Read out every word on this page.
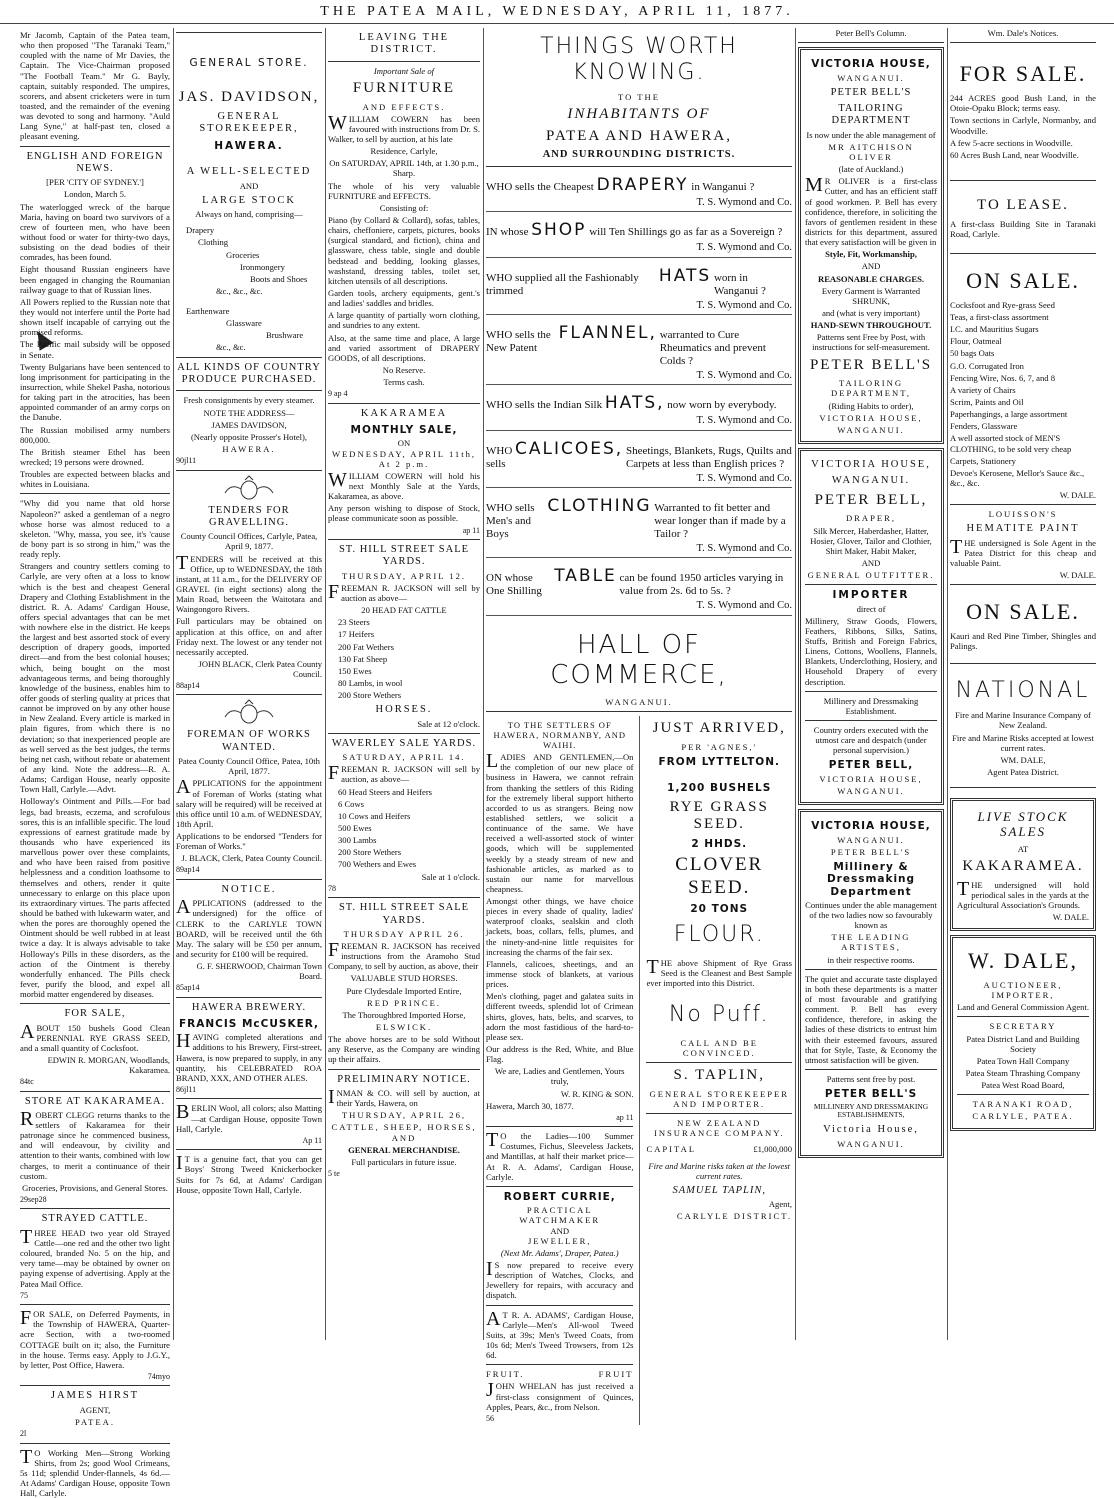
THE PATEA MAIL, WEDNESDAY, APRIL 11, 1877.

Mr Jacomb, Captain of the Patea team, who then proposed "The Taranaki Team," coupled with the name of Mr Davies, the Captain. The Vice-Chairman proposed "The Football Team." Mr G. Bayly, captain, suitably responded. The umpires, scorers, and absent cricketers were in turn toasted, and the remainder of the evening was devoted to song and harmony. "Auld Lang Syne," at half-past ten, closed a pleasant evening.

ENGLISH AND FOREIGN NEWS.

[PER 'CITY OF SYDNEY.']

London, March 5.

The waterlogged wreck of the barque Maria, having on board two survivors of a crew of fourteen men, who have been without food or water for thirty-two days, subsisting on the dead bodies of their comrades, has been found.

Eight thousand Russian engineers have been engaged in changing the Roumanian railway guage to that of Russian lines.

All Powers replied to the Russian note that they would not interfere until the Porte had shown itself incapable of carrying out the promised reforms.

The Pacific mail subsidy will be opposed in Senate.

Twenty Bulgarians have been sentenced to long imprisonment for participating in the insurrection, while Shekel Pasha, notorious for taking part in the atrocities, has been appointed commander of an army corps on the Danube.

The Russian mobilised army numbers 800,000.

The British steamer Ethel has been wrecked; 19 persons were drowned.

Troubles are expected between blacks and whites in Louisiana.

"Why did you name that old horse Napoleon?" asked a gentleman of a negro whose horse was almost reduced to a skeleton. "Why, massa, you see, it's 'cause de bony part is so strong in him," was the ready reply.

Strangers and country settlers coming to Carlyle, are very often at a loss to know which is the best and cheapest General Drapery and Clothing Establishment in the district. R. A. Adams' Cardigan House, offers special advantages that can be met with nowhere else in the district. He keeps the largest and best assorted stock of every description of drapery goods, imported direct—and from the best colonial houses; which, being bought on the most advantageous terms, and being thoroughly knowledge of the business, enables him to offer goods of sterling quality at prices that cannot be improved on by any other house in New Zealand. Every article is marked in plain figures, from which there is no deviation; so that inexperienced people are as well served as the best judges, the terms being net cash, without rebate or abatement of any kind. Note the address—R. A. Adams; Cardigan House, nearly opposite Town Hall, Carlyle.—Advt.

Holloway's Ointment and Pills.—For bad legs, bad breasts, eczema, and scrofulous sores, this is an infallible specific. The loud expressions of earnest gratitude made by thousands who have experienced its marvellous power over these complaints, and who have been raised from positive helplessness and a condition loathsome to themselves and others, render it quite unnecessary to enlarge on this place upon its extraordinary virtues. The parts affected should be bathed with lukewarm water, and when the pores are thoroughly opened the Ointment should be well rubbed in at least twice a day. It is always advisable to take Holloway's Pills in these disorders, as the action of the Ointment is thereby wonderfully enhanced. The Pills check fever, purify the blood, and expel all morbid matter engendered by diseases.

FOR SALE,

ABOUT 150 bushels Good Clean PERENNIAL RYE GRASS SEED, and a small quantity of Cocksfoot.

EDWIN R. MORGAN, Woodlands, Kakaramea.

84tc

STORE AT KAKARAMEA.

ROBERT CLEGG returns thanks to the settlers of Kakaramea for their patronage since he commenced business, and will endeavour, by civility and attention to their wants, combined with low charges, to merit a continuance of their custom.

Groceries, Provisions, and General Stores.

29sep28

STRAYED CATTLE.

THREE HEAD two year old Strayed Cattle—one red and the other two light coloured, branded No. 5 on the hip, and very tame—may be obtained by owner on paying expense of advertising. Apply at the Patea Mail Office.

75

FOR SALE, on Deferred Payments, in the Township of HAWERA, Quarter-acre Section, with a two-roomed COTTAGE built on it; also, the Furniture in the house. Terms easy. Apply to J.G.Y., by letter, Post Office, Hawera.

74myo

JAMES HIRST

AGENT,

PATEA.

2l

TO Working Men—Strong Working Shirts, from 2s; good Wool Crimeans, 5s 11d; splendid Under-flannels, 4s 6d.—At Adams' Cardigan House, opposite Town Hall, Carlyle.

GENERAL STORE.
JAS. DAVIDSON,
GENERAL STOREKEEPER,
HAWERA.
A WELL-SELECTED
AND
LARGE STOCK
Always on hand, comprising—

Drapery

Clothing

Groceries

Ironmongery

Boots and Shoes

&c., &c., &c.

Earthenware

Glassware

Brushware

&c., &c.

ALL KINDS OF COUNTRY PRODUCE PURCHASED.

Fresh consignments by every steamer.

NOTE THE ADDRESS—

JAMES DAVIDSON,

(Nearly opposite Prosser's Hotel),

HAWERA.

90jl11

TENDERS FOR GRAVELLING.

County Council Offices, Carlyle, Patea, April 9, 1877.

TENDERS will be received at this Office, up to WEDNESDAY, the 18th instant, at 11 a.m., for the DELIVERY OF GRAVEL (in eight sections) along the Main Road, between the Waitotara and Waingongoro Rivers.

Full particulars may be obtained on application at this office, on and after Friday next. The lowest or any tender not necessarily accepted.

JOHN BLACK, Clerk Patea County Council.

88ap14

FOREMAN OF WORKS WANTED.

Patea County Council Office, Patea, 10th April, 1877.

APPLICATIONS for the appointment of Foreman of Works (stating what salary will be required) will be received at this office until 10 a.m. of WEDNESDAY, 18th April.

Applications to be endorsed "Tenders for Foreman of Works."

J. BLACK, Clerk, Patea County Council.

89ap14

NOTICE.

APPLICATIONS (addressed to the undersigned) for the office of CLERK to the CARLYLE TOWN BOARD, will be received until the 6th May. The salary will be £50 per annum, and security for £100 will be required.

G. F. SHERWOOD, Chairman Town Board.

85ap14

HAWERA BREWERY.
FRANCIS McCUSKER,

HAVING completed alterations and additions to his Brewery, First-street, Hawera, is now prepared to supply, in any quantity, his CELEBRATED ROA BRAND, XXX, AND OTHER ALES.

86jl11

BERLIN Wool, all colors; also Matting —at Cardigan House, opposite Town Hall, Carlyle.

Ap 11

IT is a genuine fact, that you can get Boys' Strong Tweed Knickerbocker Suits for 7s 6d, at Adams' Cardigan House, opposite Town Hall, Carlyle.

LEAVING THE DISTRICT.
Important Sale of
FURNITURE
AND EFFECTS.

WILLIAM COWERN has been favoured with instructions from Dr. S. Walker, to sell by auction, at his late

Residence, Carlyle,

On SATURDAY, APRIL 14th, at 1.30 p.m., Sharp.

The whole of his very valuable FURNITURE and EFFECTS.

Consisting of:

Piano (by Collard & Collard), sofas, tables, chairs, cheffoniere, carpets, pictures, books (surgical standard, and fiction), china and glassware, chess table, single and double bedstead and bedding, looking glasses, washstand, dressing tables, toilet set, kitchen utensils of all descriptions.

Garden tools, archery equipments, gent.'s and ladies' saddles and bridles.

A large quantity of partially worn clothing, and sundries to any extent.

Also, at the same time and place, A large and varied assortment of DRAPERY GOODS, of all descriptions.

No Reserve.

Terms cash.

9 ap 4

KAKARAMEA
MONTHLY SALE,
ON
WEDNESDAY, APRIL 11th, At 2 p.m.

WILLIAM COWERN will hold his next Monthly Sale at the Yards, Kakaramea, as above.

Any person wishing to dispose of Stock, please communicate soon as possible.

ap 11

ST. HILL STREET SALE YARDS.
THURSDAY, APRIL 12.

FREEMAN R. JACKSON will sell by auction as above—

20 HEAD FAT CATTLE

23 Steers

17 Heifers

200 Fat Wethers

130 Fat Sheep

150 Ewes

80 Lambs, in wool

200 Store Wethers

HORSES.

Sale at 12 o'clock.

WAVERLEY SALE YARDS.
SATURDAY, APRIL 14.

FREEMAN R. JACKSON will sell by auction, as above—

60 Head Steers and Heifers

6 Cows

10 Cows and Heifers

500 Ewes

300 Lambs

200 Store Wethers

700 Wethers and Ewes

Sale at 1 o'clock.

78

ST. HILL STREET SALE YARDS.
THURSDAY APRIL 26.

FREEMAN R. JACKSON has received instructions from the Aramoho Stud Company, to sell by auction, as above, their

VALUABLE STUD HORSES.

Pure Clydesdale Imported Entire,

RED PRINCE.

The Thoroughbred Imported Horse,

ELSWICK.

The above horses are to be sold Without any Reserve, as the Company are winding up their affairs.

PRELIMINARY NOTICE.

INMAN & CO. will sell by auction, at their Yards, Hawera, on

THURSDAY, APRIL 26,

CATTLE, SHEEP, HORSES, AND

GENERAL MERCHANDISE.

Full particulars in future issue.

5 te

THINGS WORTH KNOWING.
TO THE
INHABITANTS OF
PATEA AND HAWERA,
AND SURROUNDING DISTRICTS.
WHO sells the Cheapest
DRAPERY
in Wanganui ?
T. S. Wymond and Co.
IN whose
SHOP
will Ten Shillings go as far as a Sovereign ?
T. S. Wymond and Co.
WHO supplied all the Fashionably trimmed

HATS
worn in Wanganui ?
T. S. Wymond and Co.
WHO sells the New Patent

FLANNEL,
warranted to Cure Rheumatics and prevent Colds ?
T. S. Wymond and Co.
WHO sells the Indian Silk
HATS,
now worn by everybody.
T. S. Wymond and Co.
WHO sells

CALICOES,
Sheetings, Blankets, Rugs, Quilts and Carpets at less than English prices ?
T. S. Wymond and Co.
WHO sells Men's and Boys

CLOTHING
Warranted to fit better and wear longer than if made by a Tailor ?
T. S. Wymond and Co.
ON whose One Shilling

TABLE
can be found 1950 articles varying in value from 2s. 6d to 5s. ?
T. S. Wymond and Co.
HALL OF COMMERCE,
WANGANUI.
TO THE SETTLERS OF HAWERA, NORMANBY, AND WAIHI.

LADIES AND GENTLEMEN,—On the completion of our new place of business in Hawera, we cannot refrain from thanking the settlers of this Riding for the extremely liberal support hitherto accorded to us as strangers. Being now established settlers, we solicit a continuance of the same. We have received a well-assorted stock of winter goods, which will be supplemented weekly by a steady stream of new and fashionable articles, as marked as to sustain our name for marvellous cheapness.

Amongst other things, we have choice pieces in every shade of quality, ladies' waterproof cloaks, sealskin and cloth jackets, boas, collars, fells, plumes, and the ninety-and-nine little requisites for increasing the charms of the fair sex.

Flannels, calicoes, sheetings, and an immense stock of blankets, at various prices.

Men's clothing, paget and galatea suits in different tweeds, splendid lot of Crimean shirts, gloves, hats, belts, and scarves, to adorn the most fastidious of the hard-to-please sex.

Our address is the Red, White, and Blue Flag.

We are, Ladies and Gentlemen, Yours truly,

W. R. KING & SON.

Hawera, March 30, 1877.

ap 11

TO the Ladies—100 Summer Costumes, Fichus, Sleeveless Jackets, and Mantillas, at half their market price—At R. A. Adams', Cardigan House, Carlyle.

ROBERT CURRIE,
PRACTICAL WATCHMAKER
AND
JEWELLER,

(Next Mr. Adams', Draper, Patea.)

IS now prepared to receive every description of Watches, Clocks, and Jewellery for repairs, with accuracy and dispatch.

AT R. A. ADAMS', Cardigan House, Carlyle—Men's All-wool Tweed Suits, at 39s; Men's Tweed Coats, from 10s 6d; Men's Tweed Trowsers, from 12s 6d.

FRUIT.	FRUIT

JOHN WHELAN has just received a first-class consignment of Quinces, Apples, Pears, &c., from Nelson.

56

JUST ARRIVED,
PER 'AGNES,'
FROM LYTTELTON.
1,200 BUSHELS
RYE GRASS SEED.
2 HHDS.
CLOVER SEED.
20 TONS
FLOUR.

THE above Shipment of Rye Grass Seed is the Cleanest and Best Sample ever imported into this District.

No Puff.
CALL AND BE CONVINCED.
S. TAPLIN,
GENERAL STOREKEEPER AND IMPORTER.
NEW ZEALAND INSURANCE COMPANY.
CAPITAL	£1,000,000

Fire and Marine risks taken at the lowest current rates.

SAMUEL TAPLIN,

Agent,

CARLYLE DISTRICT.

Peter Bell's Column.
VICTORIA HOUSE,
WANGANUI.
PETER BELL'S
TAILORING DEPARTMENT

Is now under the able management of

MR AITCHISON OLIVER

(late of Auckland.)

MR OLIVER is a first-class Cutter, and has an efficient staff of good workmen. P. Bell has every confidence, therefore, in soliciting the favors of gentlemen resident in these districts for this department, assured that every satisfaction will be given in

Style, Fit, Workmanship,

AND

REASONABLE CHARGES.

Every Garment is Warranted SHRUNK,

and (what is very important)

HAND-SEWN THROUGHOUT.

Patterns sent Free by Post, with instructions for self-measurement.

PETER BELL'S

TAILORING DEPARTMENT,

(Riding Habits to order),

VICTORIA HOUSE,

WANGANUI.

VICTORIA HOUSE,
WANGANUI.
PETER BELL,
DRAPER,

Silk Mercer, Haberdasher, Hatter, Hosier, Glover, Tailor and Clothier, Shirt Maker, Habit Maker,

AND

GENERAL OUTFITTER.

IMPORTER

direct of

Millinery, Straw Goods, Flowers, Feathers, Ribbons, Silks, Satins, Stuffs, British and Foreign Fabrics, Linens, Cottons, Woollens, Flannels, Blankets, Underclothing, Hosiery, and Household Drapery of every description.

Millinery and Dressmaking Establishment.

Country orders executed with the utmost care and despatch (under personal supervision.)

PETER BELL,

VICTORIA HOUSE,

WANGANUI.

VICTORIA HOUSE,
WANGANUI.

PETER BELL'S

Millinery & Dressmaking Department

Continues under the able management of the two ladies now so favourably known as

THE LEADING ARTISTES,

in their respective rooms.

The quiet and accurate taste displayed in both these departments is a matter of most favourable and gratifying comment. P. Bell has every confidence, therefore, in asking the ladies of these districts to entrust him with their esteemed favours, assured that for Style, Taste, & Economy the utmost satisfaction will be given.

Patterns sent free by post.

PETER BELL'S

MILLINERY AND DRESSMAKING ESTABLISHMENTS,

Victoria House,

WANGANUI.

Wm. Dale's Notices.
FOR SALE.

244 ACRES good Bush Land, in the Otoie-Opaku Block; terms easy.

Town sections in Carlyle, Normanby, and Woodville.

A few 5-acre sections in Woodville.

60 Acres Bush Land, near Woodville.

TO LEASE.

A first-class Building Site in Taranaki Road, Carlyle.

ON SALE.

Cocksfoot and Rye-grass Seed

Teas, a first-class assortment

I.C. and Mauritius Sugars

Flour, Oatmeal

50 bags Oats

G.O. Corrugated Iron

Fencing Wire, Nos. 6, 7, and 8

A variety of Chairs

Scrim, Paints and Oil

Paperhangings, a large assortment

Fenders, Glassware

A well assorted stock of MEN'S CLOTHING, to be sold very cheap

Carpets, Stationery

Devoe's Kerosene, Mellor's Sauce &c., &c., &c.

W. DALE.

LOUISSON'S
HEMATITE PAINT

THE undersigned is Sole Agent in the Patea District for this cheap and valuable Paint.

W. DALE.

ON SALE.

Kauri and Red Pine Timber, Shingles and Palings.

NATIONAL

Fire and Marine Insurance Company of New Zealand.

Fire and Marine Risks accepted at lowest current rates.

WM. DALE,

Agent Patea District.

LIVE STOCK SALES
AT
KAKARAMEA.

THE undersigned will hold periodical sales in the yards at the Agricultural Association's Grounds.

W. DALE.

W. DALE,
AUCTIONEER, IMPORTER,

Land and General Commission Agent.

SECRETARY

Patea District Land and Building Society

Patea Town Hall Company

Patea Steam Thrashing Company

Patea West Road Board,

TARANAKI ROAD,

CARLYLE, PATEA.
